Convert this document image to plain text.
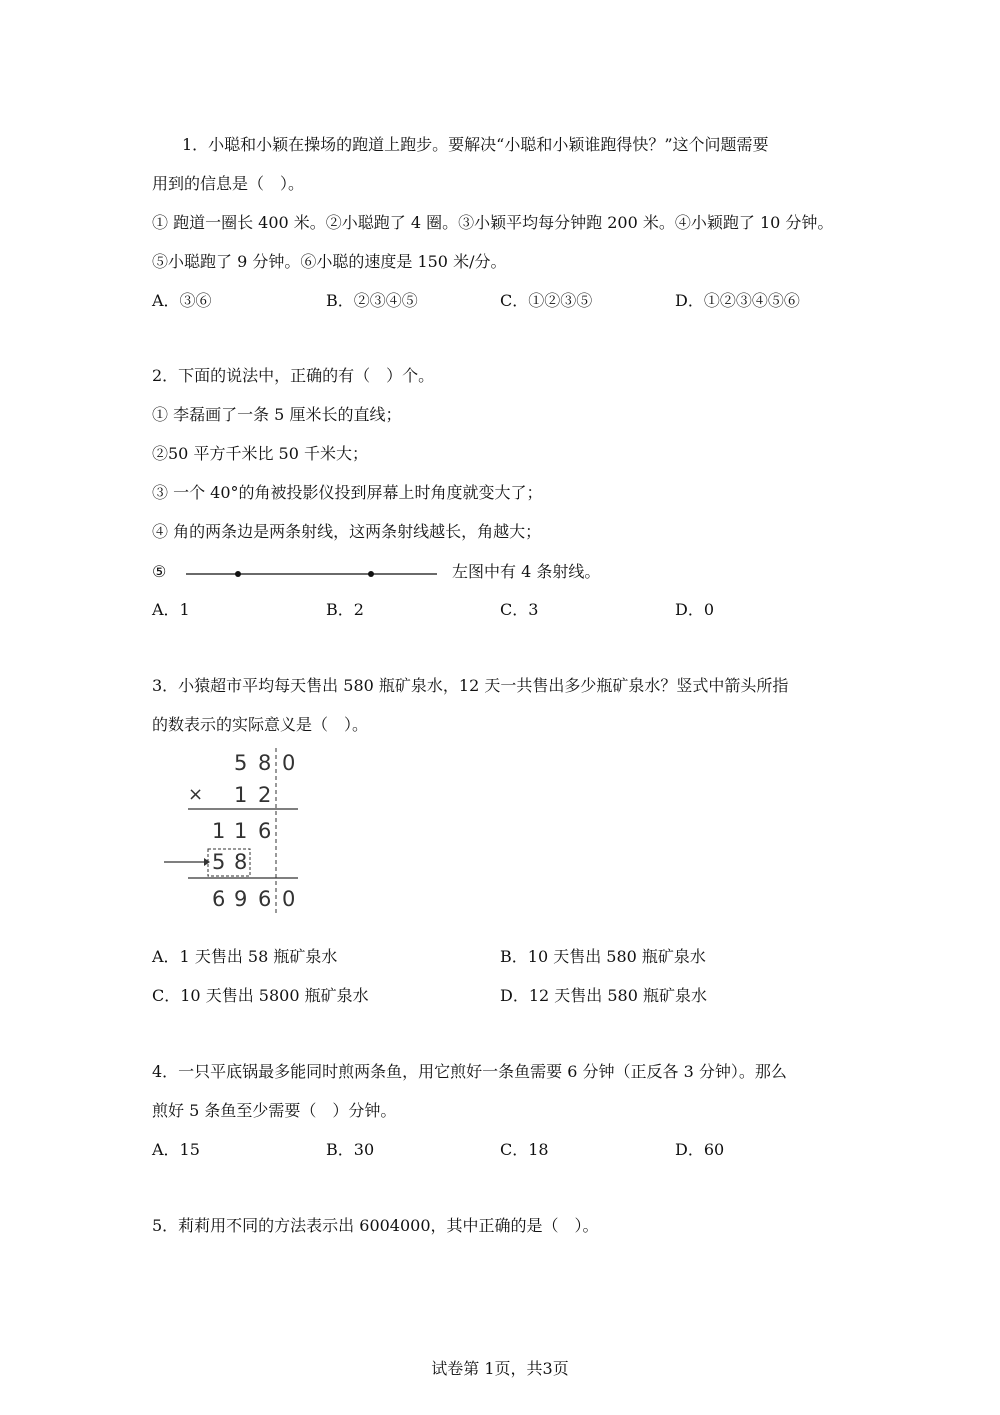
1．小聪和小颖在操场的跑道上跑步。要解决“小聪和小颖谁跑得快？”这个问题需要
用到的信息是（　）。
① 跑道一圈长 400 米。②小聪跑了 4 圈。③小颖平均每分钟跑 200 米。④小颖跑了 10 分钟。
⑤小聪跑了 9 分钟。⑥小聪的速度是 150 米/分。
A．③⑥	B．②③④⑤	C．①②③⑤	D．①②③④⑤⑥
2．下面的说法中，正确的有（　）个。
① 李磊画了一条 5 厘米长的直线；
②50 平方千米比 50 千米大；
③ 一个 40°的角被投影仪投到屏幕上时角度就变大了；
④ 角的两条边是两条射线，这两条射线越长，角越大；
⑤	左图中有 4 条射线。
A．1	B．2	C．3	D．0
3．小猿超市平均每天售出 580 瓶矿泉水，12 天一共售出多少瓶矿泉水？竖式中箭头所指
的数表示的实际意义是（　）。
5 8 0
× 1 2
1 1 6
5 8
6 9 6 0
A．1 天售出 58 瓶矿泉水	B．10 天售出 580 瓶矿泉水
C．10 天售出 5800 瓶矿泉水	D．12 天售出 580 瓶矿泉水
4．一只平底锅最多能同时煎两条鱼，用它煎好一条鱼需要 6 分钟（正反各 3 分钟）。那么
煎好 5 条鱼至少需要（　）分钟。
A．15	B．30	C．18	D．60
5．莉莉用不同的方法表示出 6004000，其中正确的是（　）。
试卷第 1页，共3页
